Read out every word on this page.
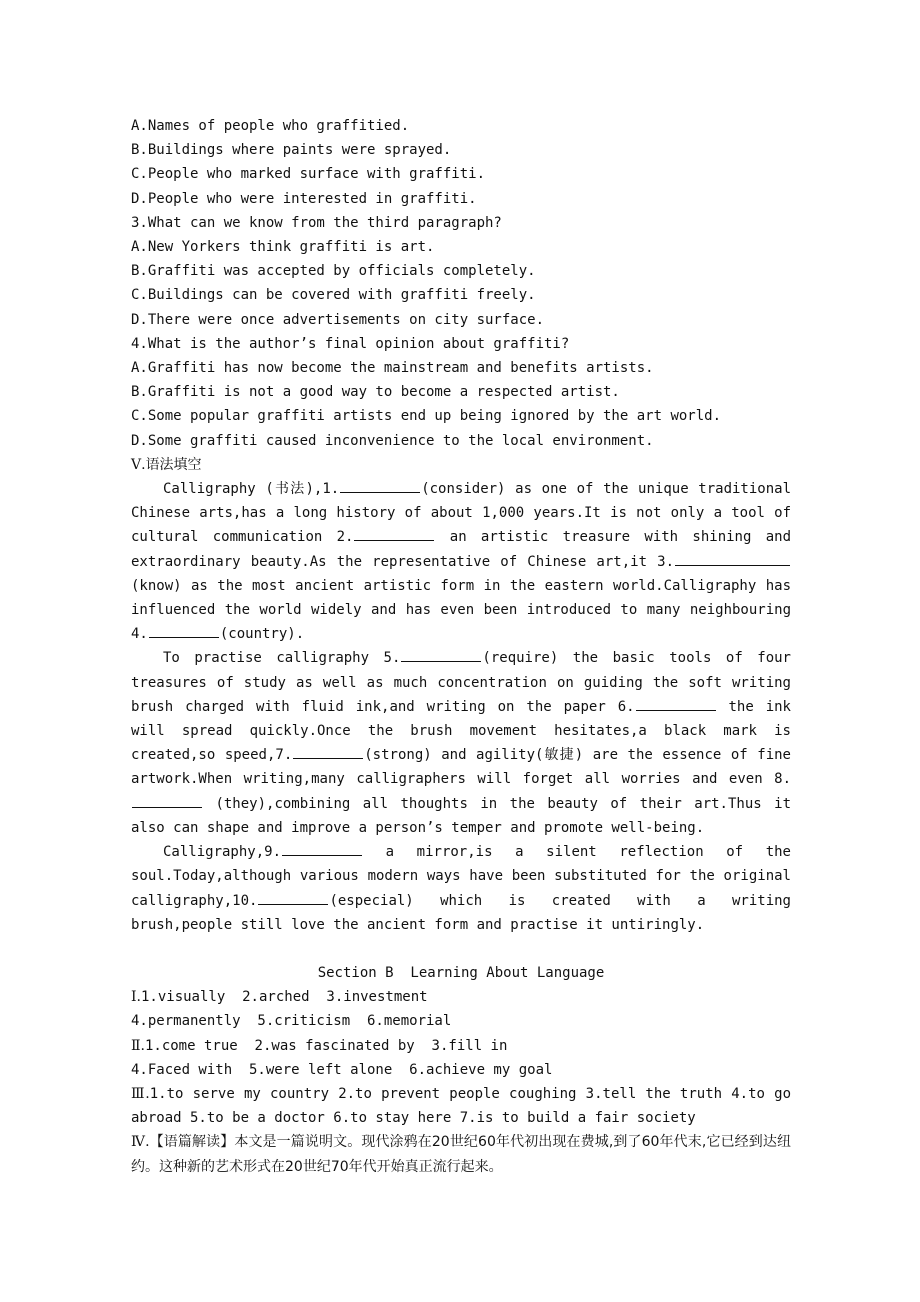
A.Names of people who graffitied.

B.Buildings where paints were sprayed.

C.People who marked surface with graffiti.

D.People who were interested in graffiti.

3.What can we know from the third paragraph?

A.New Yorkers think graffiti is art.

B.Graffiti was accepted by officials completely.

C.Buildings can be covered with graffiti freely.

D.There were once advertisements on city surface.

4.What is the author’s final opinion about graffiti?

A.Graffiti has now become the mainstream and benefits artists.

B.Graffiti is not a good way to become a respected artist.

C.Some popular graffiti artists end up being ignored by the art world.

D.Some graffiti caused inconvenience to the local environment.

Ⅴ.语法填空

Calligraphy (书法),1.	(consider) as one of the unique traditional Chinese arts,has a long history of about 1,000 years.It is not only a tool of cultural communication 2.	an artistic treasure with shining and extraordinary beauty.As the representative of Chinese art,it 3.(know) as the most ancient artistic form in the eastern world.Calligraphy has influenced the world widely and has even been introduced to many neighbouring 4.	(country).

To practise calligraphy 5.	(require) the basic tools of four treasures of study as well as much concentration on guiding the soft writing brush charged with fluid ink,and writing on the paper 6.	the ink will spread quickly.Once the brush movement hesitates,a black mark is created,so speed,7.	(strong) and agility(敏捷) are the essence of fine artwork.When writing,many calligraphers will forget all worries and even 8. (they),combining all thoughts in the beauty of their art.Thus it also can shape and improve a person’s temper and promote well-being.

Calligraphy,9.	a mirror,is a silent reflection of the soul.Today,although various modern ways have been substituted for the original calligraphy,10.	(especial) which is created with a writing brush,people still love the ancient form and practise it untiringly.

Section B  Learning About Language

Ⅰ.1.visually  2.arched  3.investment

4.permanently  5.criticism  6.memorial

Ⅱ.1.come true  2.was fascinated by  3.fill in

4.Faced with  5.were left alone  6.achieve my goal

Ⅲ.1.to serve my country 2.to prevent people coughing 3.tell the truth 4.to go abroad 5.to be a doctor 6.to stay here 7.is to build a fair society

Ⅳ.【语篇解读】本文是一篇说明文。现代涂鸦在20世纪60年代初出现在费城,到了60年代末,它已经到达纽约。这种新的艺术形式在20世纪70年代开始真正流行起来。
